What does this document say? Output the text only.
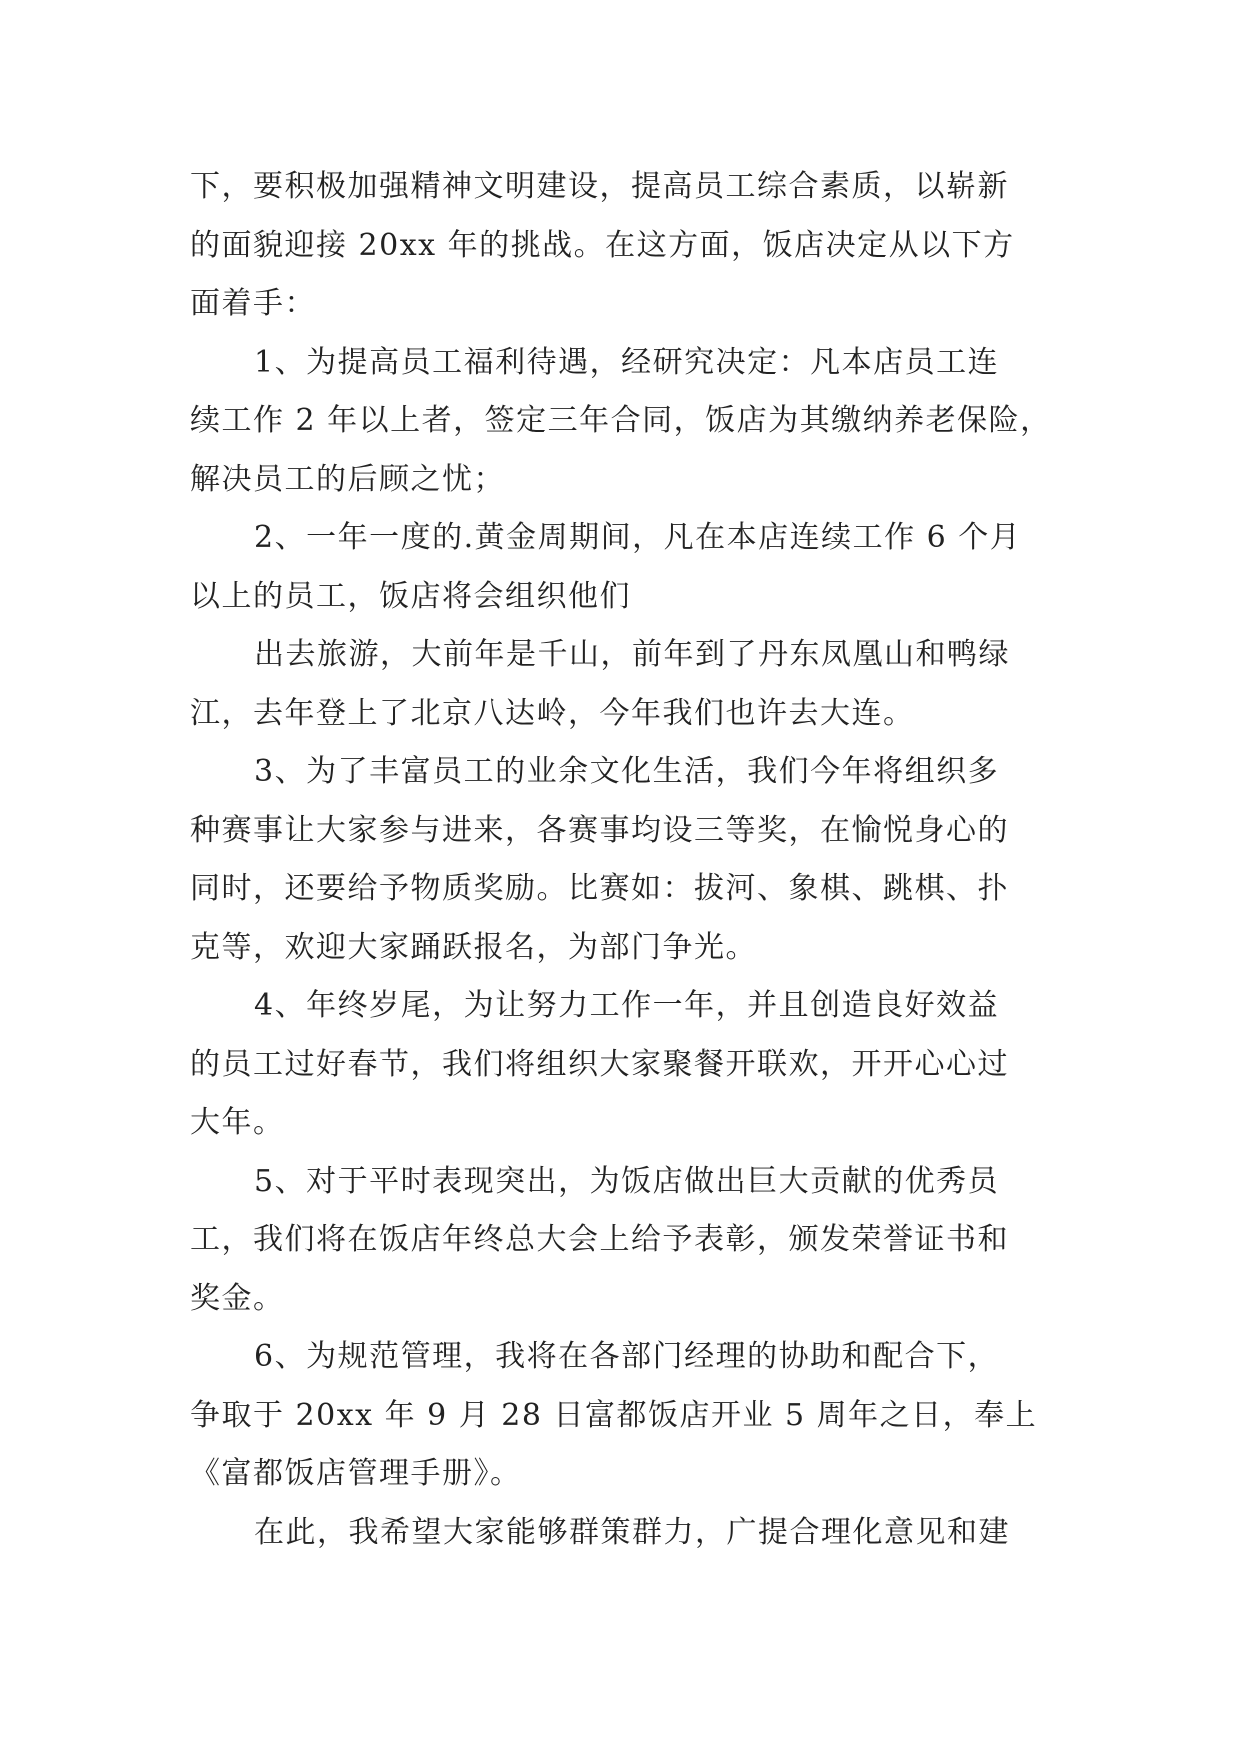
下，要积极加强精神文明建设，提高员工综合素质，以崭新
的面貌迎接 20xx 年的挑战。在这方面，饭店决定从以下方
面着手：
1、为提高员工福利待遇，经研究决定：凡本店员工连
续工作 2 年以上者，签定三年合同，饭店为其缴纳养老保险，
解决员工的后顾之忧；
2、一年一度的.黄金周期间，凡在本店连续工作 6 个月
以上的员工，饭店将会组织他们
出去旅游，大前年是千山，前年到了丹东凤凰山和鸭绿
江，去年登上了北京八达岭，今年我们也许去大连。
3、为了丰富员工的业余文化生活，我们今年将组织多
种赛事让大家参与进来，各赛事均设三等奖，在愉悦身心的
同时，还要给予物质奖励。比赛如：拔河、象棋、跳棋、扑
克等，欢迎大家踊跃报名，为部门争光。
4、年终岁尾，为让努力工作一年，并且创造良好效益
的员工过好春节，我们将组织大家聚餐开联欢，开开心心过
大年。
5、对于平时表现突出，为饭店做出巨大贡献的优秀员
工，我们将在饭店年终总大会上给予表彰，颁发荣誉证书和
奖金。
6、为规范管理，我将在各部门经理的协助和配合下，
争取于 20xx 年 9 月 28 日富都饭店开业 5 周年之日，奉上
《富都饭店管理手册》。
在此，我希望大家能够群策群力，广提合理化意见和建
